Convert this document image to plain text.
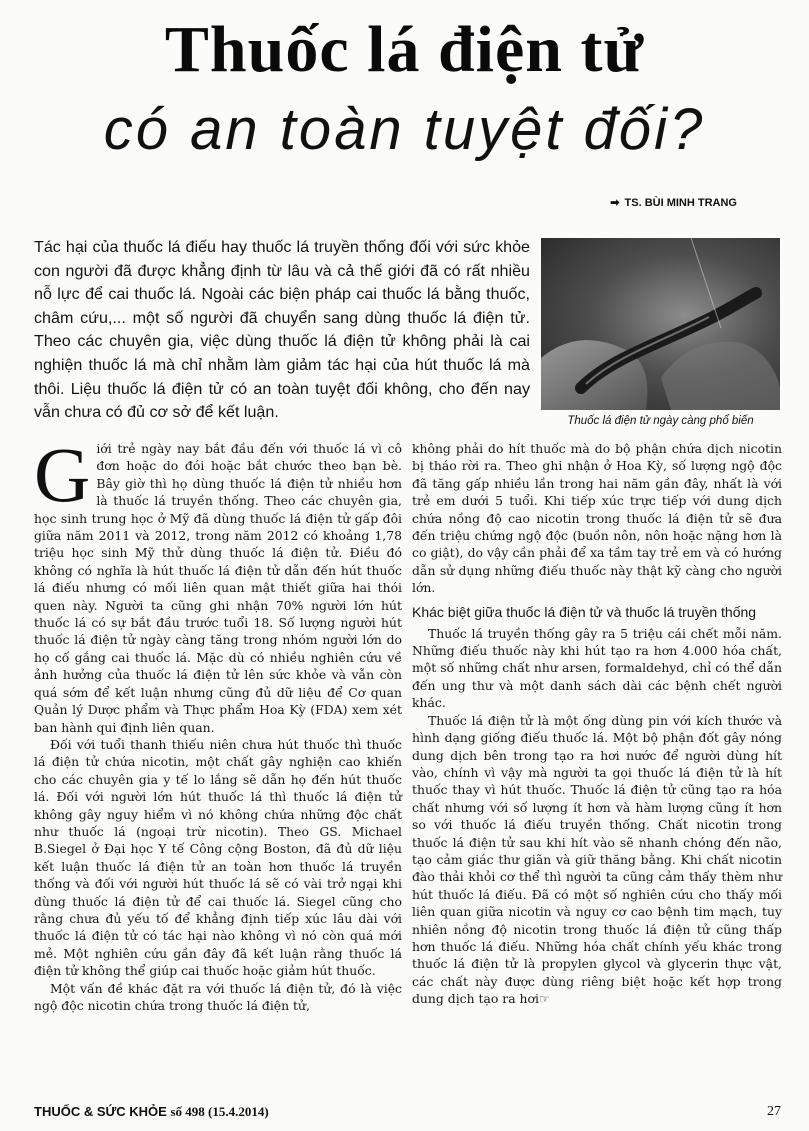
Thuốc lá điện tử
có an toàn tuyệt đối?
➡ TS. BÙI MINH TRANG
Tác hại của thuốc lá điếu hay thuốc lá truyền thống đối với sức khỏe con người đã được khẳng định từ lâu và cả thế giới đã có rất nhiều nỗ lực để cai thuốc lá. Ngoài các biện pháp cai thuốc lá bằng thuốc, châm cứu,... một số người đã chuyển sang dùng thuốc lá điện tử. Theo các chuyên gia, việc dùng thuốc lá điện tử không phải là cai nghiện thuốc lá mà chỉ nhằm làm giảm tác hại của hút thuốc lá mà thôi. Liệu thuốc lá điện tử có an toàn tuyệt đối không, cho đến nay vẫn chưa có đủ cơ sở để kết luận.	Thuốc lá điện tử ngày càng phổ biến
G iới trẻ ngày nay bắt đầu đến với thuốc lá vì cô đơn hoặc do đói hoặc bắt chước theo bạn bè. Bây giờ thì họ dùng thuốc lá điện tử nhiều hơn là thuốc lá truyền thống. Theo các chuyên gia, học sinh trung học ở Mỹ đã dùng thuốc lá điện tử gấp đôi giữa năm 2011 và 2012, trong năm 2012 có khoảng 1,78 triệu học sinh Mỹ thử dùng thuốc lá điện tử. Điều đó không có nghĩa là hút thuốc lá điện tử dẫn đến hút thuốc lá điếu nhưng có mối liên quan mật thiết giữa hai thói quen này. Người ta cũng ghi nhận 70% người lớn hút thuốc lá có sự bắt đầu trước tuổi 18. Số lượng người hút thuốc lá điện tử ngày càng tăng trong nhóm người lớn do họ cố gắng cai thuốc lá. Mặc dù có nhiều nghiên cứu về ảnh hưởng của thuốc lá điện tử lên sức khỏe và vẫn còn quá sớm để kết luận nhưng cũng đủ dữ liệu để Cơ quan Quản lý Dược phẩm và Thực phẩm Hoa Kỳ (FDA) xem xét ban hành qui định liên quan.

Đối với tuổi thanh thiếu niên chưa hút thuốc thì thuốc lá điện tử chứa nicotin, một chất gây nghiện cao khiến cho các chuyên gia y tế lo lắng sẽ dẫn họ đến hút thuốc lá. Đối với người lớn hút thuốc lá thì thuốc lá điện tử không gây nguy hiểm vì nó không chứa những độc chất như thuốc lá (ngoại trừ nicotin). Theo GS. Michael B.Siegel ở Đại học Y tế Công cộng Boston, đã đủ dữ liệu kết luận thuốc lá điện tử an toàn hơn thuốc lá truyền thống và đối với người hút thuốc lá sẽ có vài trở ngại khi dùng thuốc lá điện tử để cai thuốc lá. Siegel cũng cho rằng chưa đủ yếu tố để khẳng định tiếp xúc lâu dài với thuốc lá điện tử có tác hại nào không vì nó còn quá mới mẻ. Một nghiên cứu gần đây đã kết luận rằng thuốc lá điện tử không thể giúp cai thuốc hoặc giảm hút thuốc.

Một vấn đề khác đặt ra với thuốc lá điện tử, đó là việc ngộ độc nicotin chứa trong thuốc lá điện tử,

không phải do hít thuốc mà do bộ phận chứa dịch nicotin bị tháo rời ra. Theo ghi nhận ở Hoa Kỳ, số lượng ngộ độc đã tăng gấp nhiều lần trong hai năm gần đây, nhất là với trẻ em dưới 5 tuổi. Khi tiếp xúc trực tiếp với dung dịch chứa nồng độ cao nicotin trong thuốc lá điện tử sẽ đưa đến triệu chứng ngộ độc (buồn nôn, nôn hoặc nặng hơn là co giật), do vậy cần phải để xa tầm tay trẻ em và có hướng dẫn sử dụng những điếu thuốc này thật kỹ càng cho người lớn.

Khác biệt giữa thuốc lá điện tử và thuốc lá truyền thống

Thuốc lá truyền thống gây ra 5 triệu cái chết mỗi năm. Những điếu thuốc này khi hút tạo ra hơn 4.000 hóa chất, một số những chất như arsen, formaldehyd, chỉ có thể dẫn đến ung thư và một danh sách dài các bệnh chết người khác.

Thuốc lá điện tử là một ống dùng pin với kích thước và hình dạng giống điếu thuốc lá. Một bộ phận đốt gây nóng dung dịch bên trong tạo ra hơi nước để người dùng hít vào, chính vì vậy mà người ta gọi thuốc lá điện tử là hít thuốc thay vì hút thuốc. Thuốc lá điện tử cũng tạo ra hóa chất nhưng với số lượng ít hơn và hàm lượng cũng ít hơn so với thuốc lá điếu truyền thống. Chất nicotin trong thuốc lá điện tử sau khi hít vào sẽ nhanh chóng đến não, tạo cảm giác thư giãn và giữ thăng bằng. Khi chất nicotin đào thải khỏi cơ thể thì người ta cũng cảm thấy thèm như hút thuốc lá điếu. Đã có một số nghiên cứu cho thấy mối liên quan giữa nicotin và nguy cơ cao bệnh tim mạch, tuy nhiên nồng độ nicotin trong thuốc lá điện tử cũng thấp hơn thuốc lá điếu. Những hóa chất chính yếu khác trong thuốc lá điện tử là propylen glycol và glycerin thực vật, các chất này được dùng riêng biệt hoặc kết hợp trong dung dịch tạo ra hơi☞

THUỐC & SỨC KHỎE số 498 (15.4.2014)	27
